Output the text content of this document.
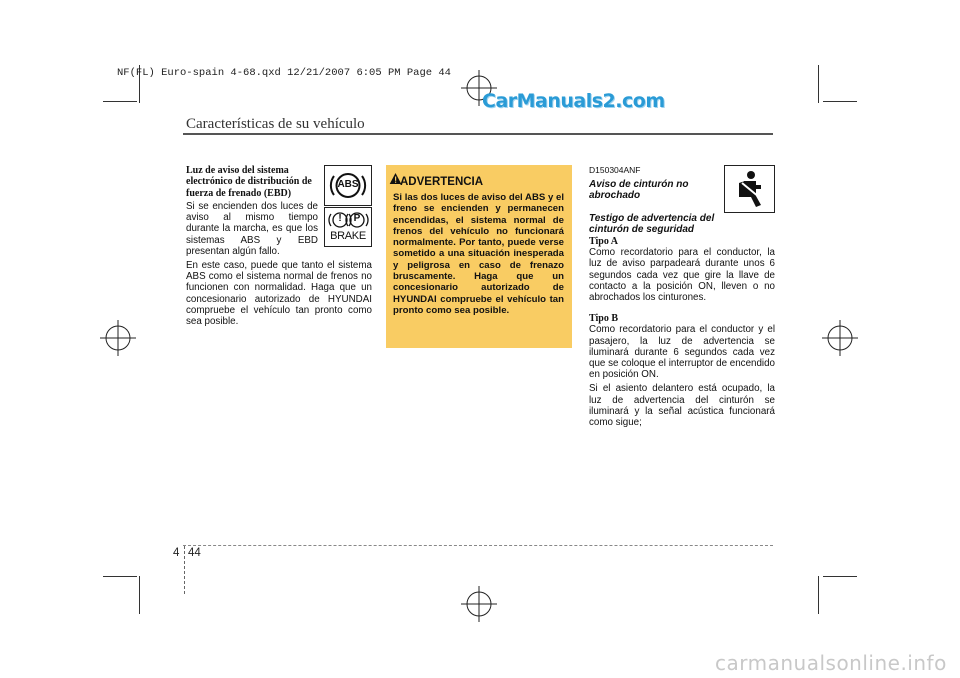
NF(FL) Euro-spain 4-68.qxd 12/21/2007 6:05 PM Page 44
CarManuals2.com
Características de su vehículo
Luz de aviso del sistema electrónico de distribución de fuerza de frenado (EBD)

Si se encienden dos luces de aviso al mismo tiempo durante la marcha, es que los sistemas ABS y EBD presentan algún fallo.

En este caso, puede que tanto el sistema ABS como el sistema normal de frenos no funcionen con normalidad. Haga que un concesionario autorizado de HYUNDAI compruebe el vehículo tan pronto como sea posible.

ABS
! P
BRAKE
ADVERTENCIA
Si las dos luces de aviso del ABS y el freno se encienden y permanecen encendidas, el sistema normal de frenos del vehículo no funcionará normalmente. Por tanto, puede verse sometido a una situación inesperada y peligrosa en caso de frenazo bruscamente. Haga que un concesionario autorizado de HYUNDAI compruebe el vehículo tan pronto como sea posible.
D150304ANF
Aviso de cinturón no abrochado
Testigo de advertencia del cinturón de seguridad
Tipo A

Como recordatorio para el conductor, la luz de aviso parpadeará durante unos 6 segundos cada vez que gire la llave de contacto a la posición ON, lleven o no abrochados los cinturones.

Tipo B

Como recordatorio para el conductor y el pasajero, la luz de advertencia se iluminará durante 6 segundos cada vez que se coloque el interruptor de encendido en posición ON.

Si el asiento delantero está ocupado, la luz de advertencia del cinturón se iluminará y la señal acústica funcionará como sigue;

4 44
carmanualsonline.info
